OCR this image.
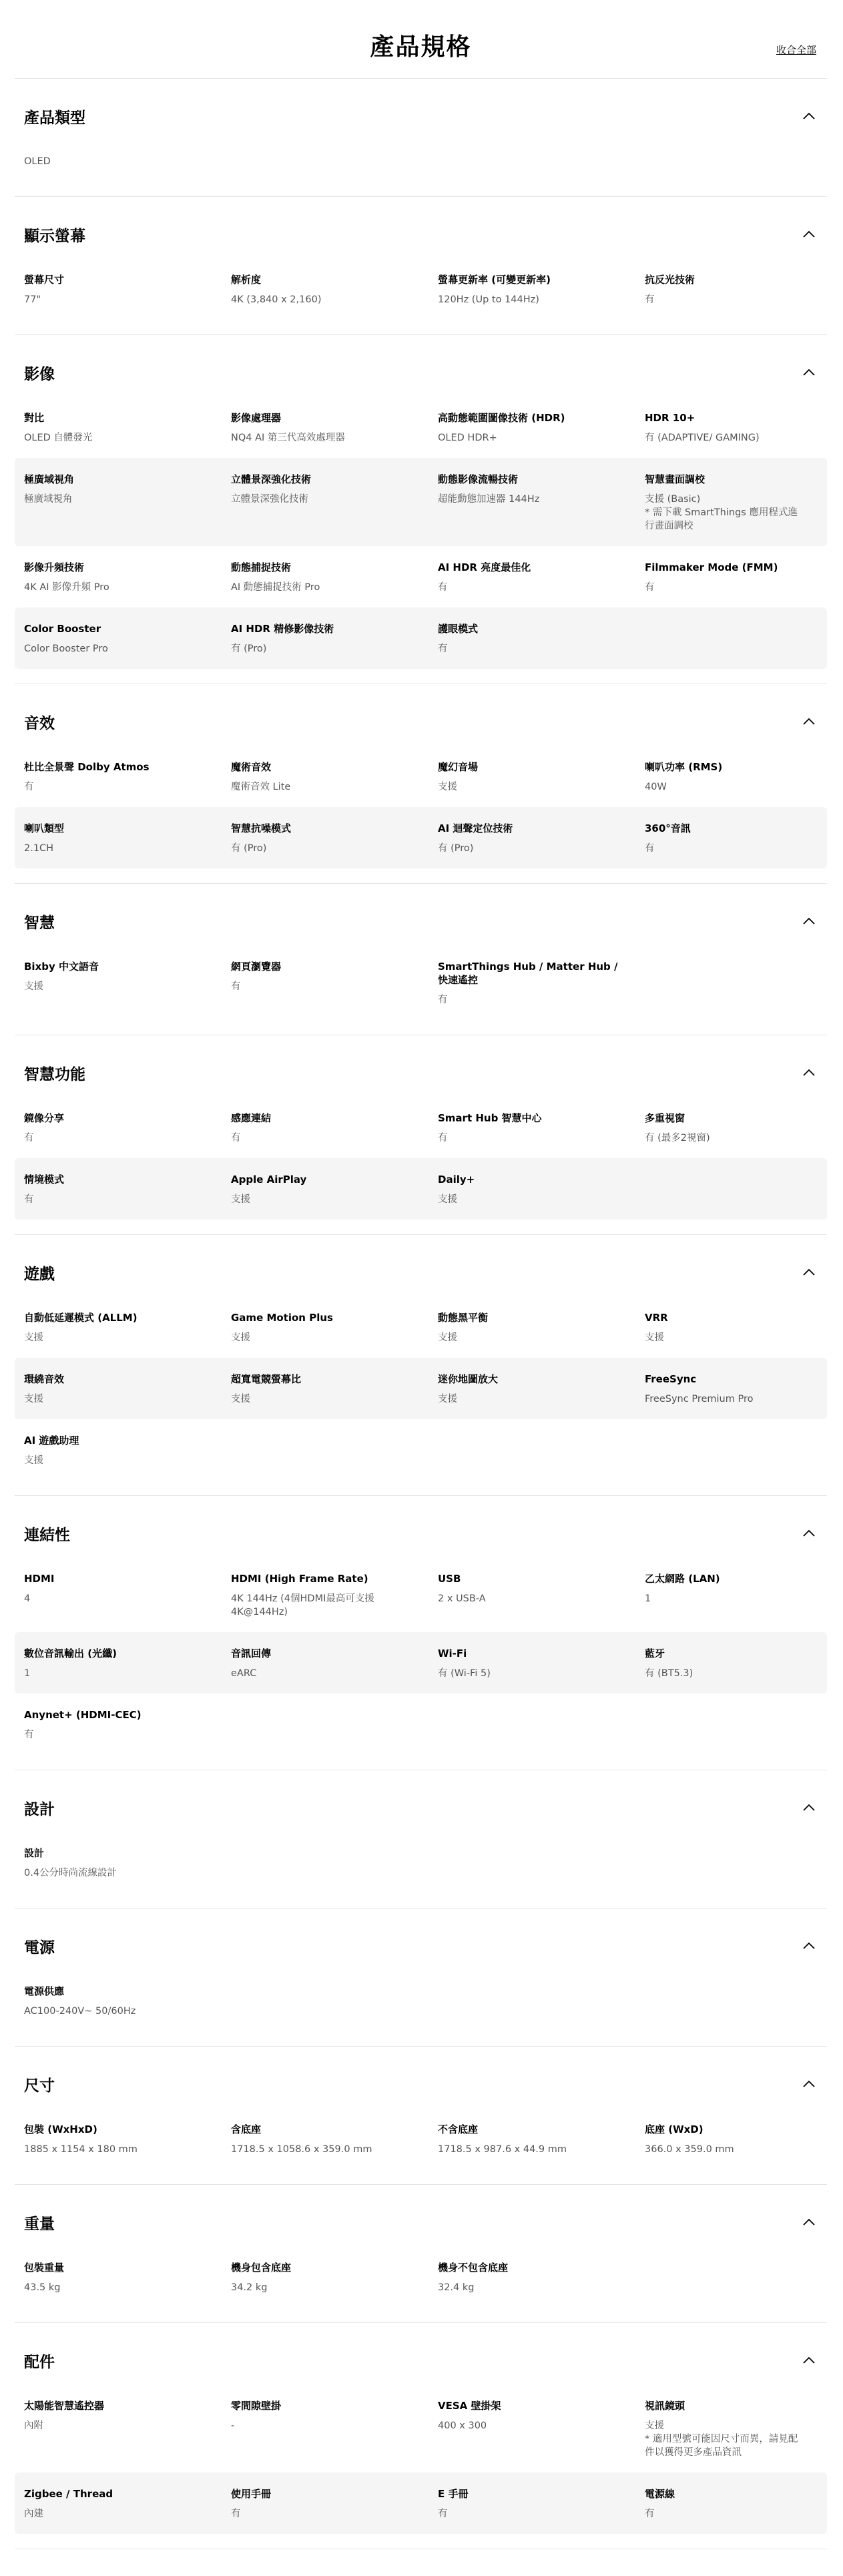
產品規格	收合全部
產品類型
OLED
顯示螢幕
螢幕尺寸
77"
解析度
4K (3,840 x 2,160)
螢幕更新率 (可變更新率)
120Hz (Up to 144Hz)
抗反光技術
有
影像
對比
OLED 自體發光
影像處理器
NQ4 AI 第三代高效處理器
高動態範圍圖像技術 (HDR)
OLED HDR+
HDR 10+
有 (ADAPTIVE/ GAMING)
極廣域視角
極廣域視角
立體景深強化技術
立體景深強化技術
動態影像流暢技術
超能動態加速器 144Hz
智慧畫面調校
支援 (Basic)
* 需下載 SmartThings 應用程式進行畫面調校
影像升頻技術
4K AI 影像升頻 Pro
動態捕捉技術
AI 動態捕捉技術 Pro
AI HDR 亮度最佳化
有
Filmmaker Mode (FMM)
有
Color Booster
Color Booster Pro
AI HDR 精修影像技術
有 (Pro)
護眼模式
有
音效
杜比全景聲 Dolby Atmos
有
魔術音效
魔術音效 Lite
魔幻音場
支援
喇叭功率 (RMS)
40W
喇叭類型
2.1CH
智慧抗噪模式
有 (Pro)
AI 迴聲定位技術
有 (Pro)
360°音訊
有
智慧
Bixby 中文語音
支援
網頁瀏覽器
有
SmartThings Hub / Matter Hub / 快速遙控
有
智慧功能
鏡像分享
有
感應連結
有
Smart Hub 智慧中心
有
多重視窗
有 (最多2視窗)
情境模式
有
Apple AirPlay
支援
Daily+
支援
遊戲
自動低延遲模式 (ALLM)
支援
Game Motion Plus
支援
動態黑平衡
支援
VRR
支援
環繞音效
支援
超寬電競螢幕比
支援
迷你地圖放大
支援
FreeSync
FreeSync Premium Pro
AI 遊戲助理
支援
連結性
HDMI
4
HDMI (High Frame Rate)
4K 144Hz (4個HDMI最高可支援4K@144Hz)
USB
2 x USB-A
乙太網路 (LAN)
1
數位音訊輸出 (光纖)
1
音訊回傳
eARC
Wi-Fi
有 (Wi-Fi 5)
藍牙
有 (BT5.3)
Anynet+ (HDMI-CEC)
有
設計
設計
0.4公分時尚流線設計
電源
電源供應
AC100-240V~ 50/60Hz
尺寸
包裝 (WxHxD)
1885 x 1154 x 180 mm
含底座
1718.5 x 1058.6 x 359.0 mm
不含底座
1718.5 x 987.6 x 44.9 mm
底座 (WxD)
366.0 x 359.0 mm
重量
包裝重量
43.5 kg
機身包含底座
34.2 kg
機身不包含底座
32.4 kg
配件
太陽能智慧遙控器
內附
零間隙壁掛
-
VESA 壁掛架
400 x 300
視訊鏡頭
支援
* 適用型號可能因尺寸而異，請見配件以獲得更多產品資訊
Zigbee / Thread
內建
使用手冊
有
E 手冊
有
電源線
有
